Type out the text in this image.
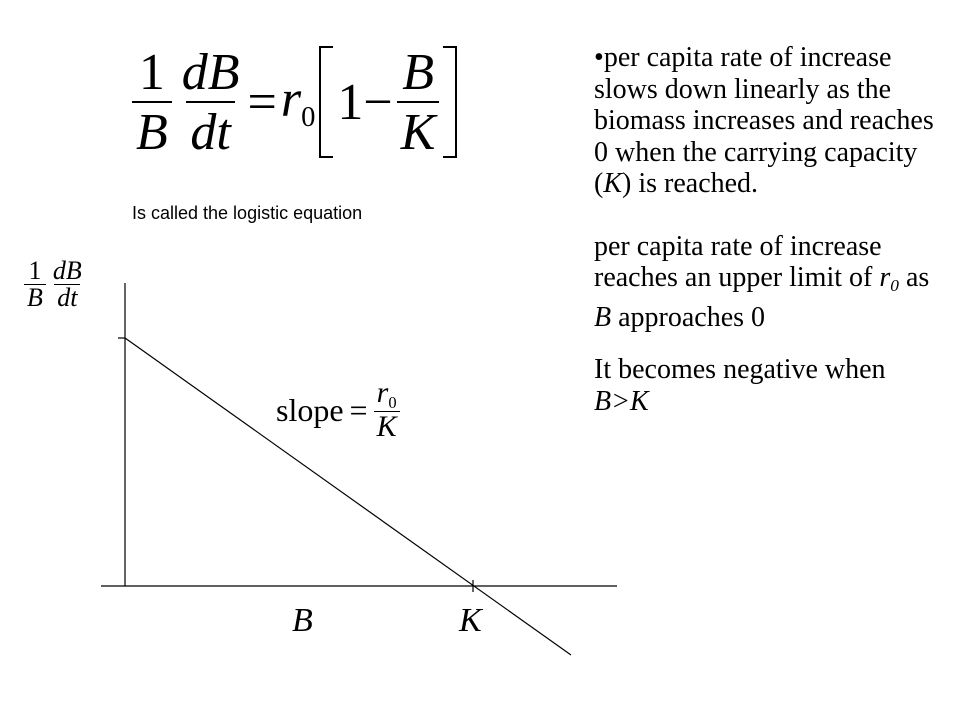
$\frac{1}{B} \frac{dB}{dt} = r_0$ $1- \frac{B}{K}$
Is called the logistic equation
$\frac{1}{B} \frac{dB}{dt}$
slope = $\frac{r_0}{K}$
B	K

•per capita rate of increase slows down linearly as the biomass increases and reaches 0 when the carrying capacity (K) is reached.

per capita rate of increase reaches an upper limit of r0 as B approaches 0

It becomes negative when B>K
